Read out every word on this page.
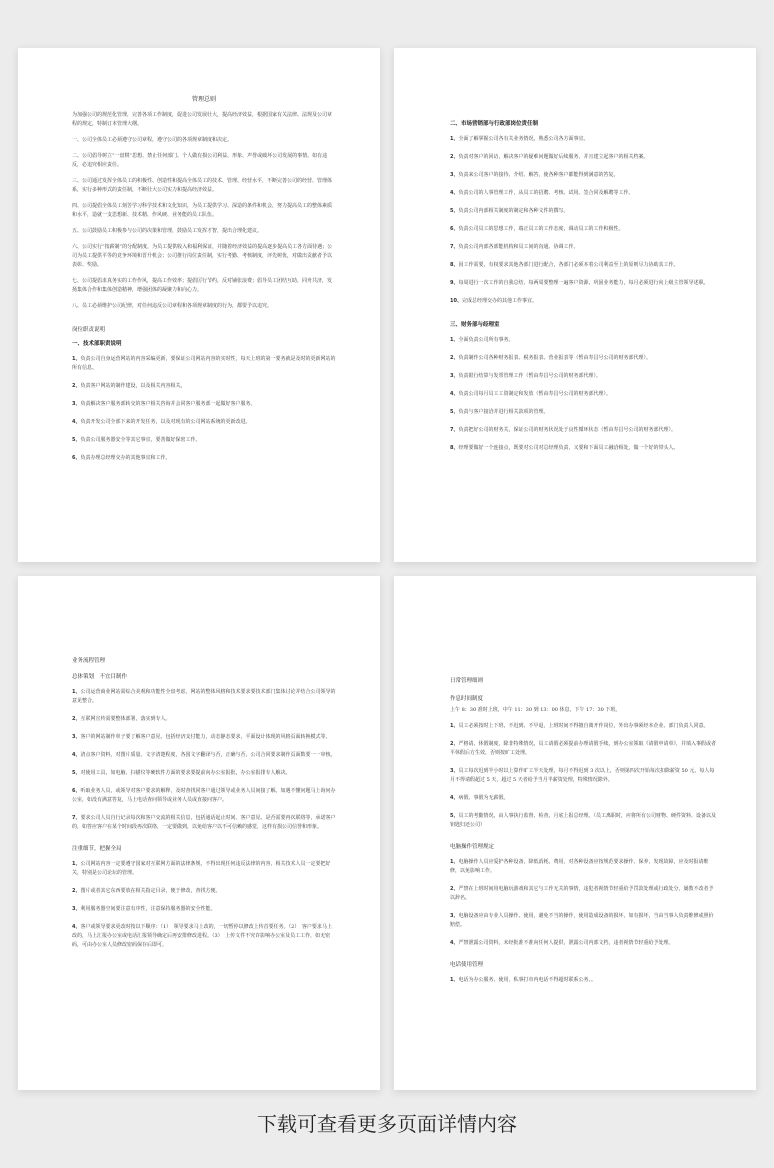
管理总则

为加强公司的规范化管理，完善各项工作制度，促进公司发展壮大，提高经济效益，根据国家有关法律、法规及公司章程的规定，特制订本管理大纲。

一、公司全体员工必须遵守公司章程，遵守公司的各项规章制度和决定。

二、公司倡导树立“一盘棋”思想，禁止任何部门、个人做有损公司利益、形象、声誉或破坏公司发展的事情。如有违反，必追究相应责任。

三、公司通过发挥全体员工的积极性、创造性和提高全体员工的技术、管理、经营水平，不断完善公司的经营、管理体系，实行多种形式的责任制，不断壮大公司实力和提高经济效益。

四、公司提倡全体员工刻苦学习科学技术和文化知识，为员工提供学习、深造的条件和机会，努力提高员工的整体素质和水平，造就一支思想新、技术精、作风硬、业务能的员工队伍。

五、公司鼓励员工积极参与公司的决策和管理，鼓励员工发挥才智，提出合理化建议。

六、公司实行“按薪制”的分配制度，为员工提供收入和福利保证，并随着经济效益的提高逐步提高员工各方面待遇；公司为员工提供平等的竞争环境和晋升机会；公司推行岗位责任制，实行考勤、考核制度，评先树优，对做出贡献者予以表彰、奖励。

七、公司提倡求真务实的工作作风，提高工作效率；提倡厉行节约，反对铺张浪费；倡导员工团结互助，同舟共济，发扬集体合作和集体创造精神，增强团体的凝聚力和向心力。

八、员工必须维护公司纪律，对任何违反公司章程和各项规章制度的行为，都要予以追究。

岗位职责说明
一、技术部职责说明

1、负责公司自身运营网站的内容采编更新，要保证公司网站内容的实时性，每天上班的第一要务就是及时的更新网站的所有信息。

2、负责客户网站的制作建设，以及相关内容相关。

3、负责解决客户服务部转交的客户相关咨询并会同客户服务部一起做好客户服务。

4、负责开发公司全部下来的开发任务，以及对现有的公司网站系统的更新改进。

5、负责公司服务器安全等其它事宜，要善做好保密工作。

6、负责办理总经理交办的其他事宜和工作。

二、市场营销部与行政部岗位责任制

1、全面了解掌握公司各有关业务情况，熟悉公司各方面事宜。

2、负责对客户的回访，解决客户的疑难问题做好后续服务，并且建立起客户的相关档案。

3、负责来公司客户的接待、介绍、解答，使各种客户都能得到满意的答复。

4、负责公司的人事管理工作，从员工的招聘、考核、试用、签合同及解聘等工作。

5、负责公司内部相关制度的制定和各种文件的撰写。

6、负责公司员工的思想工作，端正员工的工作态度，调动员工的工作积极性。

7、负责公司内部各部能机构和员工间的沟通、协调工作。

8、因工作需要，有权要求其他各部门进行配合，各部门必须本着公司利益至上的原则尽力协助其工作。

9、每周进行一次工作的自我总结，每两周要整理一遍客户资源，巩固业务能力，每月必须进行向上级主管领导述职。

10、完成总经理交办的其他工作事宜。

三、财务部与经理室

1、全面负责公司所有事务。

2、负责制作公司各种财务报表、税务报表、营业报表等（暂由寿昌号公司的财务部代理）。

3、负责银行结算与发票管理工作（暂由寿昌号公司的财务部代理）。

4、负责公司每月员工工资制定和发放（暂由寿昌号公司的财务部代理）。

5、负责与客户接洽并进行相关款项的管理。

7、负责把好公司的财务关，保证公司的财务状况处于良性循环状态（暂由寿昌号公司的财务部代理）。

8、经理要做好一个连接点，既要对公司对总经理负责，又要和下面员工融洽相处，做一个好的带头人。

业务流程管理
总体策划　不宜目制作

1、公司运营商业网站需综合美观和功能性全盘考虑，网站的整体风格和技术要求要技术部门集体讨论并结合公司领导的意见整合。

2、互联网宣传需要整体部署，落实到专人。

3、客户的网站制作单子要了解客户意见，包括经济支付能力，动态静态要求，平面设计体现的风格页面转换模式等。

4、清点客户资料，对图片质量、文字清楚程度，各国文字翻译与否，正确与否，公司合同要求制作页面数要一一审核。

5、对使用工具，如电脑、扫描仪等硬软件方面的要求要提前向办公室报批，办公室报排专人解决。

6、听取业务人员，或领导对客户要求的解释，及时查找同客户通过领导或业务人员间接了解。如遇不懂问题马上询问办公室，如没有满意答复，马上电话查问领导或业务人员或直接问客户。

7、要求公司人员自行记录每次和客户交流的相关信息，包括通话起止时间、客户意见、是否需要再次联络等，承诺客户的，如答应客户在某个时间段再次联络，一定要做到，以免给客户以不可信赖的感觉，这样有损公司信誉和形象。

注重细节，把握全局

1、公司网站内容一定要遵守国家对互联网方面的法律条规，不得出现任何违反法律的内容，相关技术人员一定要把好关，特别是公司论坛的管理。

2、图片或者其它东西要放在相关指定目录，便于修改，查找方便。

3、利用服务器空间要注意有序性，注意保持服务器的安全性能。

4、客户或领导要求更改时按以下顺序：（1）　领导要求马上改的，一切暂停以修改上传首要任务。（2）　客户要求马上改的，马上汇报办公室或电话汇报领导确定后再安排修改进程。（3）　上传文件不究许影响办公室及员工工作，如无密码，可由办公室人员修改密码保存后即可。

日常管理细则
作息时间制度

上午 8：30 准时上班，中午 11：30 到 13：00 休息，下午 17：30 下班。

1、员工必须按时上下班，不迟到、不早退，上班时间不得擅自离开作岗位，外出办事须经本企业、部门负责人同意。

2、严格请、休假制度，除非特殊情况，员工请假必须提前办理请假手续，到办公室领取《请假申请单》，并填入事假或者平休假后方生效，否则按旷工处理。

3、员工每次迟到半小时以上算作旷工半天处理，每月不得迟到 3 次以上，否则第四次开始每次扣除薪资 50 元，每人每月不得请假超过 5 天，超过 5 天者给予当月半薪资处理，特殊情况除外。

4、病假、事假为无薪假。

5、员工的考勤情况，由人事执行监督、检查，月底上报总经理。（员工离职时，应将所有公司财物、硬件资料、设备以及钥匙归还公司）

电脑操作管理规定

1、电脑操作人员应爱护各种设备，降低消耗、费用，对各种设备应按规范要求操作、保养，发现故障，应及时报请维修，以免影响工作。

2、严禁在上班时间用电脑玩游戏和其它与工作无关的事情，违犯者视情节轻重给予罚款处理或行政处分，屡教不改者予以辞名。

3、电脑设备应由专业人员操作、使用，避免不当的操作，使用造成设备的损坏，如有损坏，当由当事人负责维修或照价赔偿。

4、严禁泄露公司资料，未经批准不准向任何人提供，泄露公司内部文档，违者视情节轻重给予处理。

电话使用管理

1、电话为办公服务、使用，私事打市内电话不得超时联系公务、。

下载可查看更多页面详情内容
